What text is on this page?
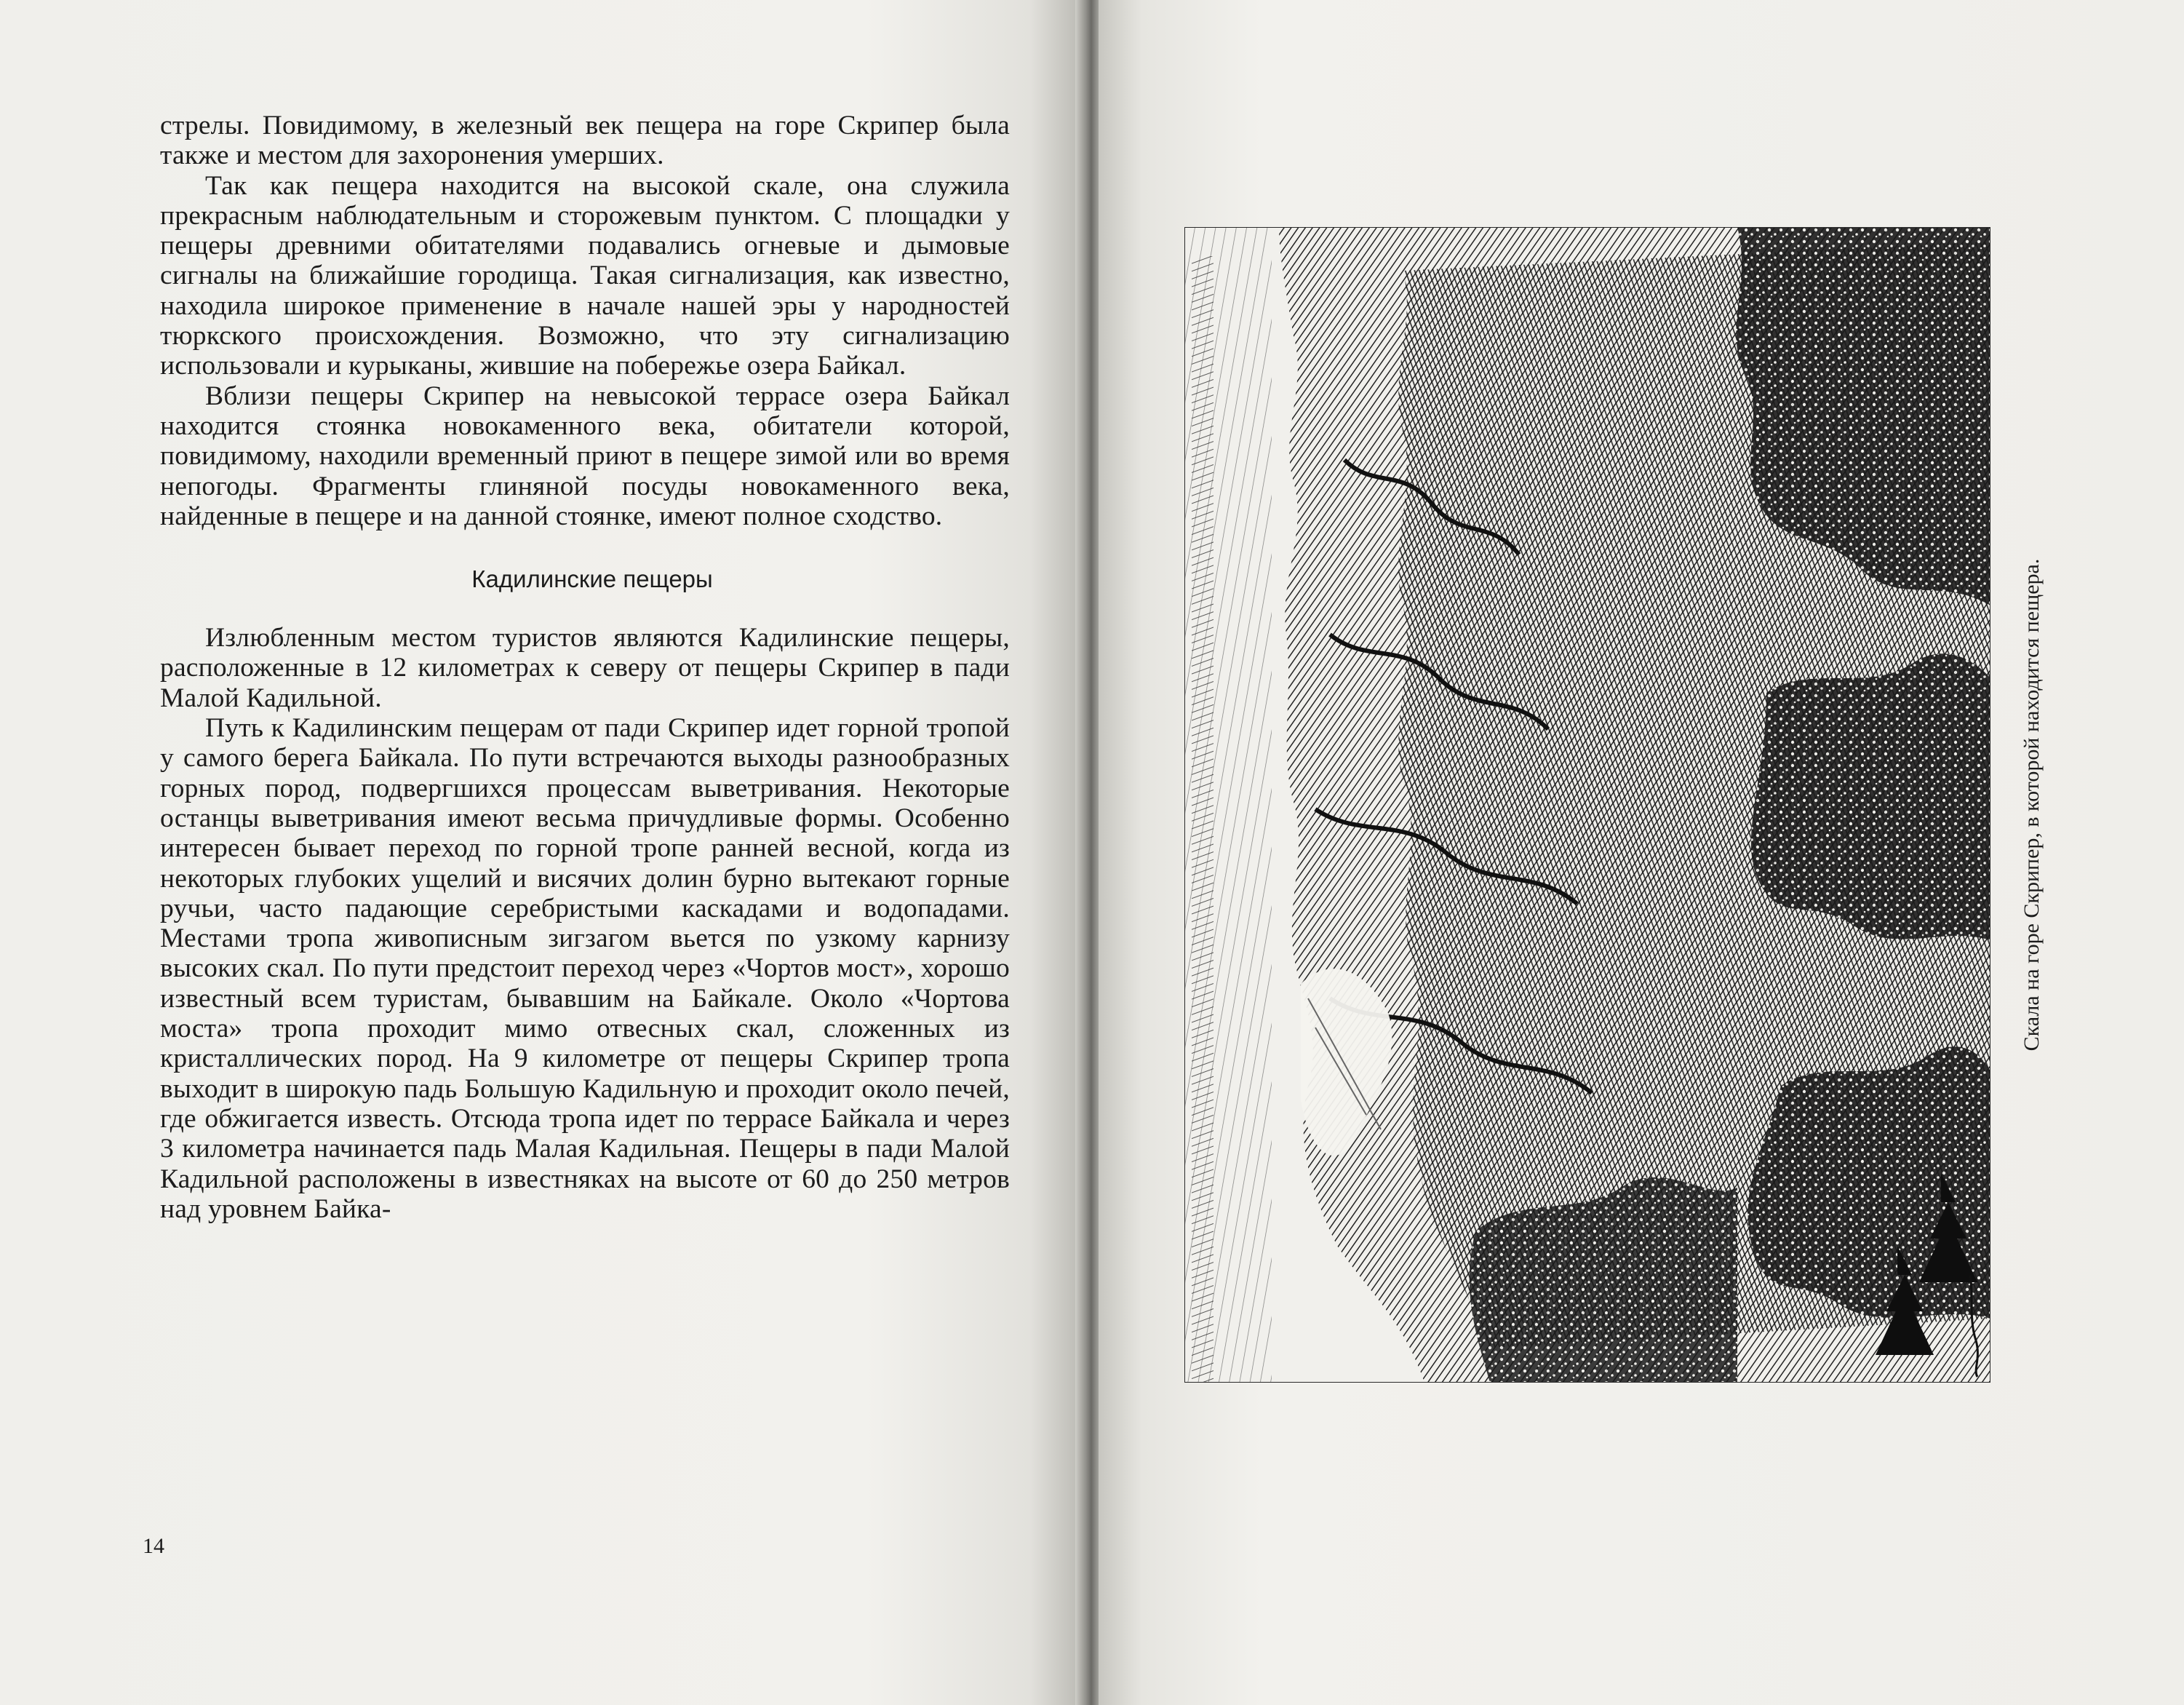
стрелы. Повидимому, в железный век пещера на горе Скрипер была также и местом для захоронения умерших.

Так как пещера находится на высокой скале, она служила прекрасным наблюдательным и сторожевым пунктом. С площадки у пещеры древними обитателями подавались огневые и дымовые сигналы на ближайшие городища. Такая сигнализация, как известно, находила широкое применение в начале нашей эры у народностей тюркского происхождения. Возможно, что эту сигнализацию использовали и курыканы, жившие на побережье озера Байкал.

Вблизи пещеры Скрипер на невысокой террасе озера Байкал находится стоянка новокаменного века, обитатели которой, повидимому, находили временный приют в пещере зимой или во время непогоды. Фрагменты глиняной посуды новокаменного века, найденные в пещере и на данной стоянке, имеют полное сходство.

Кадилинские пещеры

Излюбленным местом туристов являются Кадилинские пещеры, расположенные в 12 километрах к северу от пещеры Скрипер в пади Малой Кадильной.

Путь к Кадилинским пещерам от пади Скрипер идет горной тропой у самого берега Байкала. По пути встречаются выходы разнообразных горных пород, подвергшихся процессам выветривания. Некоторые останцы выветривания имеют весьма причудливые формы. Особенно интересен бывает переход по горной тропе ранней весной, когда из некоторых глубоких ущелий и висячих долин бурно вытекают горные ручьи, часто падающие серебристыми каскадами и водопадами. Местами тропа живописным зигзагом вьется по узкому карнизу высоких скал. По пути предстоит переход через «Чортов мост», хорошо известный всем туристам, бывавшим на Байкале. Около «Чортова моста» тропа проходит мимо отвесных скал, сложенных из кристаллических пород. На 9 километре от пещеры Скрипер тропа выходит в широкую падь Большую Кадильную и проходит около печей, где обжигается известь. Отсюда тропа идет по террасе Байкала и через 3 километра начинается падь Малая Кадильная. Пещеры в пади Малой Кадильной расположены в известняках на высоте от 60 до 250 метров над уровнем Байка-

14
Скала на горе Скрипер, в которой находится пещера.
